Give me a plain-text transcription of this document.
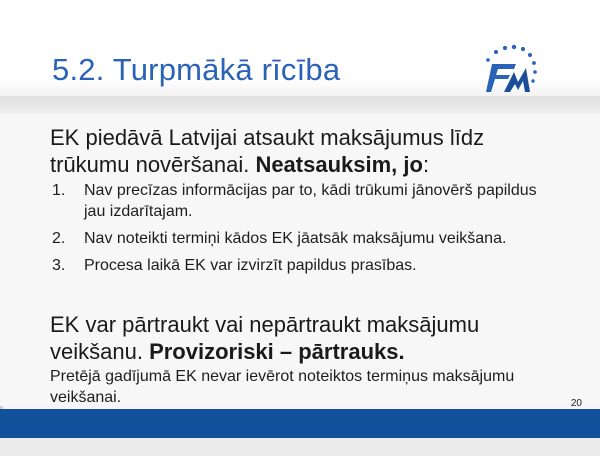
5.2. Turpmākā rīcība
EK piedāvā Latvijai atsaukt maksājumus līdz trūkumu novēršanai. Neatsauksim, jo:
1. Nav precīzas informācijas par to, kādi trūkumi jānovērš papildus jau izdarītajam.
2. Nav noteikti termiņi kādos EK jāatsāk maksājumu veikšana.
3. Procesa laikā EK var izvirzīt papildus prasības.
EK var pārtraukt vai nepārtraukt maksājumu veikšanu. Provizoriski – pārtrauks.
Pretējā gadījumā EK nevar ievērot noteiktos termiņus maksājumu veikšanai.	20
